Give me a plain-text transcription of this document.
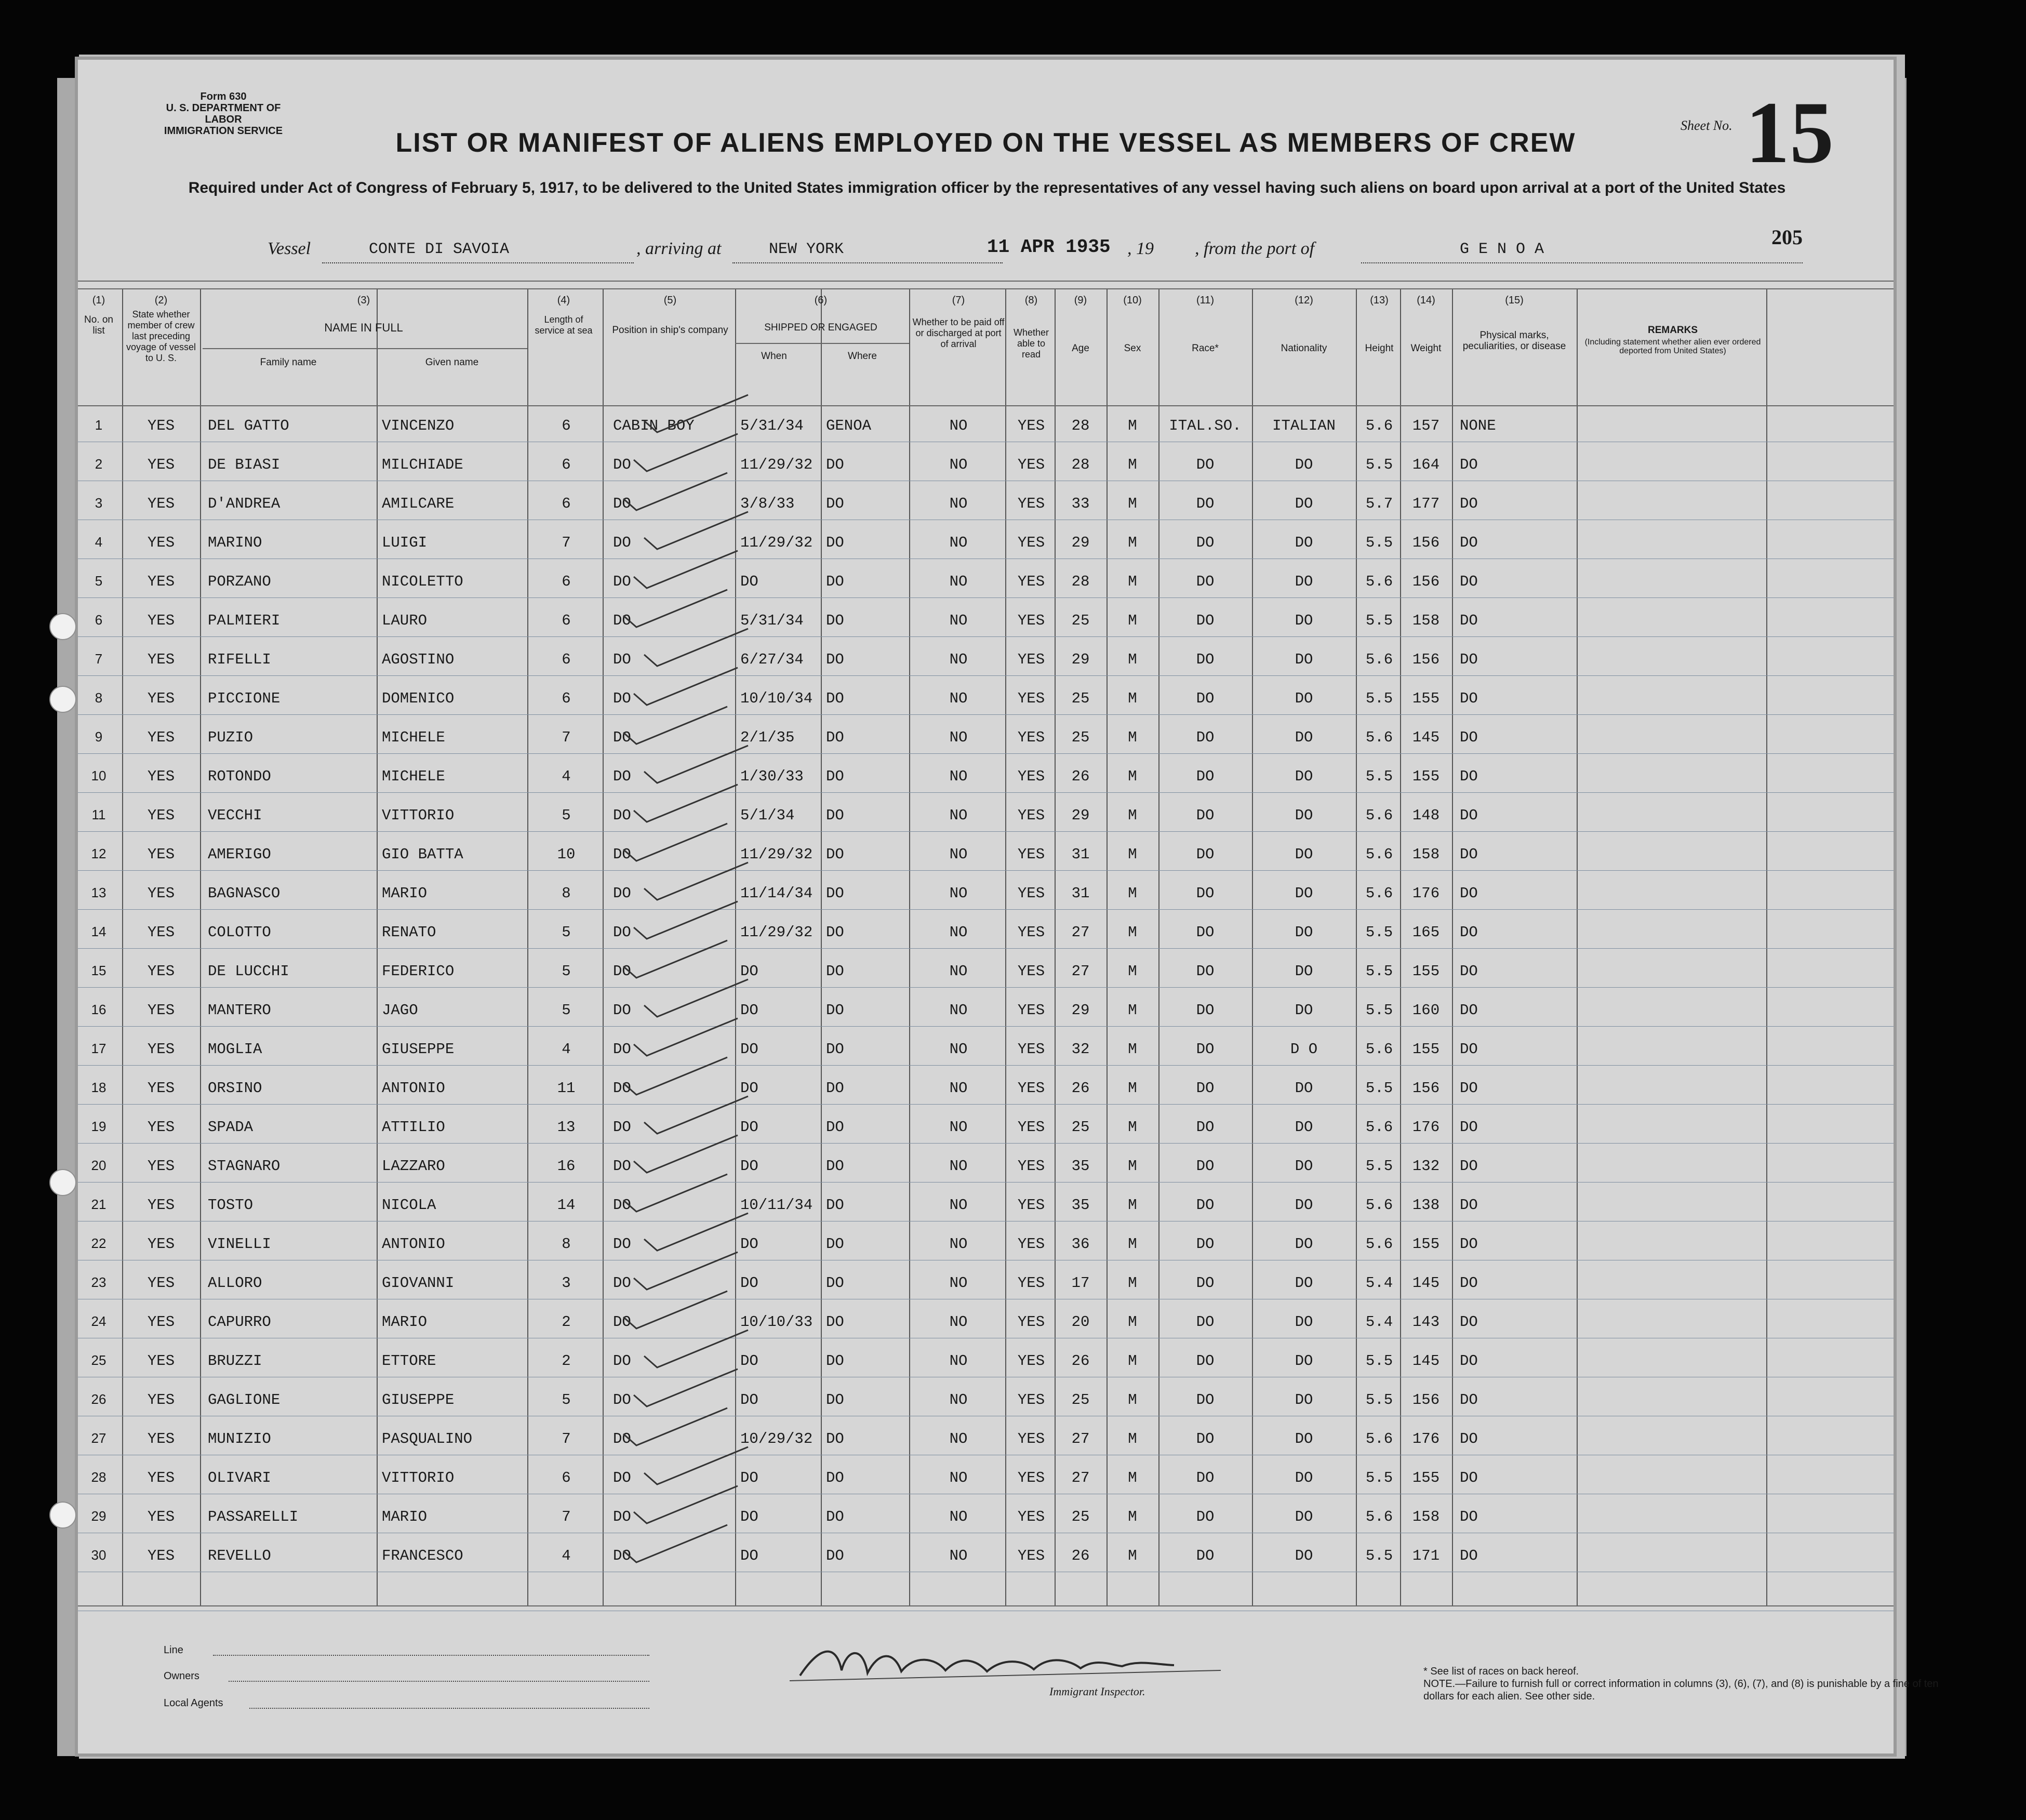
Form 630
U. S. DEPARTMENT OF LABOR
IMMIGRATION SERVICE	LIST OR MANIFEST OF ALIENS EMPLOYED ON THE VESSEL AS MEMBERS OF CREW
Required under Act of Congress of February 5, 1917, to be delivered to the United States immigration officer by the representatives of any vessel having such aliens on board upon arrival at a port of the United States
Sheet No. 15
205
Vessel	CONTE DI SAVOIA	, arriving at	NEW YORK	11 APR 1935 , 19 , from the port of	G E N O A
No. on list
State whether member of crew last preceding voyage of vessel to U. S.
NAME IN FULL
Family name	Given name
Length of service at sea	Position in ship's company	SHIPPED OR ENGAGED
When	Where
Whether to be paid off or discharged at port of arrival
Whether able to read
Age	Sex	Race*	Nationality	Height	Weight
Physical marks, peculiarities, or disease
REMARKS
(Including statement whether alien ever ordered deported from United States)
(1)	(2)	(3)	(4)	(5)	(6)	(7)	(8)	(9)	(10)	(11)	(12)	(13)	(14)	(15)
1	YES	DEL GATTO	VINCENZO	6	CABIN BOY	5/31/34	GENOA	NO	YES	28	M	ITAL.SO.	ITALIAN	5.6	157	NONE
2	YES	DE BIASI	MILCHIADE	6	DO	11/29/32 DO	NO	YES	28	M	DO	DO	5.5	164	DO
3	YES	D'ANDREA	AMILCARE	6	DO	3/8/33	DO	NO	YES	33	M	DO	DO	5.7	177	DO
4	YES	MARINO	LUIGI	7	DO	11/29/32 DO	NO	YES	29	M	DO	DO	5.5	156	DO
5	YES	PORZANO	NICOLETTO	6	DO	DO	DO	NO	YES	28	M	DO	DO	5.6	156	DO
6	YES	PALMIERI	LAURO	6	DO	5/31/34	DO	NO	YES	25	M	DO	DO	5.5	158	DO
7	YES	RIFELLI	AGOSTINO	6	DO	6/27/34	DO	NO	YES	29	M	DO	DO	5.6	156	DO
8	YES	PICCIONE	DOMENICO	6	DO	10/10/34 DO	NO	YES	25	M	DO	DO	5.5	155	DO
9	YES	PUZIO	MICHELE	7	DO	2/1/35	DO	NO	YES	25	M	DO	DO	5.6	145	DO
10	YES	ROTONDO	MICHELE	4	DO	1/30/33	DO	NO	YES	26	M	DO	DO	5.5	155	DO
11	YES	VECCHI	VITTORIO	5	DO	5/1/34	DO	NO	YES	29	M	DO	DO	5.6	148	DO
12	YES	AMERIGO	GIO BATTA	10	DO	11/29/32 DO	NO	YES	31	M	DO	DO	5.6	158	DO
13	YES	BAGNASCO	MARIO	8	DO	11/14/34 DO	NO	YES	31	M	DO	DO	5.6	176	DO
14	YES	COLOTTO	RENATO	5	DO	11/29/32 DO	NO	YES	27	M	DO	DO	5.5	165	DO
15	YES	DE LUCCHI	FEDERICO	5	DO	DO	DO	NO	YES	27	M	DO	DO	5.5	155	DO
16	YES	MANTERO	JAGO	5	DO	DO	DO	NO	YES	29	M	DO	DO	5.5	160	DO
17	YES	MOGLIA	GIUSEPPE	4	DO	DO	DO	NO	YES	32	M	DO	D O	5.6	155	DO
18	YES	ORSINO	ANTONIO	11	DO	DO	DO	NO	YES	26	M	DO	DO	5.5	156	DO
19	YES	SPADA	ATTILIO	13	DO	DO	DO	NO	YES	25	M	DO	DO	5.6	176	DO
20	YES	STAGNARO	LAZZARO	16	DO	DO	DO	NO	YES	35	M	DO	DO	5.5	132	DO
21	YES	TOSTO	NICOLA	14	DO	10/11/34 DO	NO	YES	35	M	DO	DO	5.6	138	DO
22	YES	VINELLI	ANTONIO	8	DO	DO	DO	NO	YES	36	M	DO	DO	5.6	155	DO
23	YES	ALLORO	GIOVANNI	3	DO	DO	DO	NO	YES	17	M	DO	DO	5.4	145	DO
24	YES	CAPURRO	MARIO	2	DO	10/10/33 DO	NO	YES	20	M	DO	DO	5.4	143	DO
25	YES	BRUZZI	ETTORE	2	DO	DO	DO	NO	YES	26	M	DO	DO	5.5	145	DO
26	YES	GAGLIONE	GIUSEPPE	5	DO	DO	DO	NO	YES	25	M	DO	DO	5.5	156	DO
27	YES	MUNIZIO	PASQUALINO	7	DO	10/29/32 DO	NO	YES	27	M	DO	DO	5.6	176	DO
28	YES	OLIVARI	VITTORIO	6	DO	DO	DO	NO	YES	27	M	DO	DO	5.5	155	DO
29	YES	PASSARELLI	MARIO	7	DO	DO	DO	NO	YES	25	M	DO	DO	5.6	158	DO
30	YES	REVELLO	FRANCESCO	4	DO	DO	DO	NO	YES	26	M	DO	DO	5.5	171	DO
Line
Owners
Local Agents
Immigrant Inspector.
* See list of races on back hereof.
NOTE.—Failure to furnish full or correct information in columns (3), (6), (7), and (8) is punishable by a fine of ten dollars for each alien. See other side.
